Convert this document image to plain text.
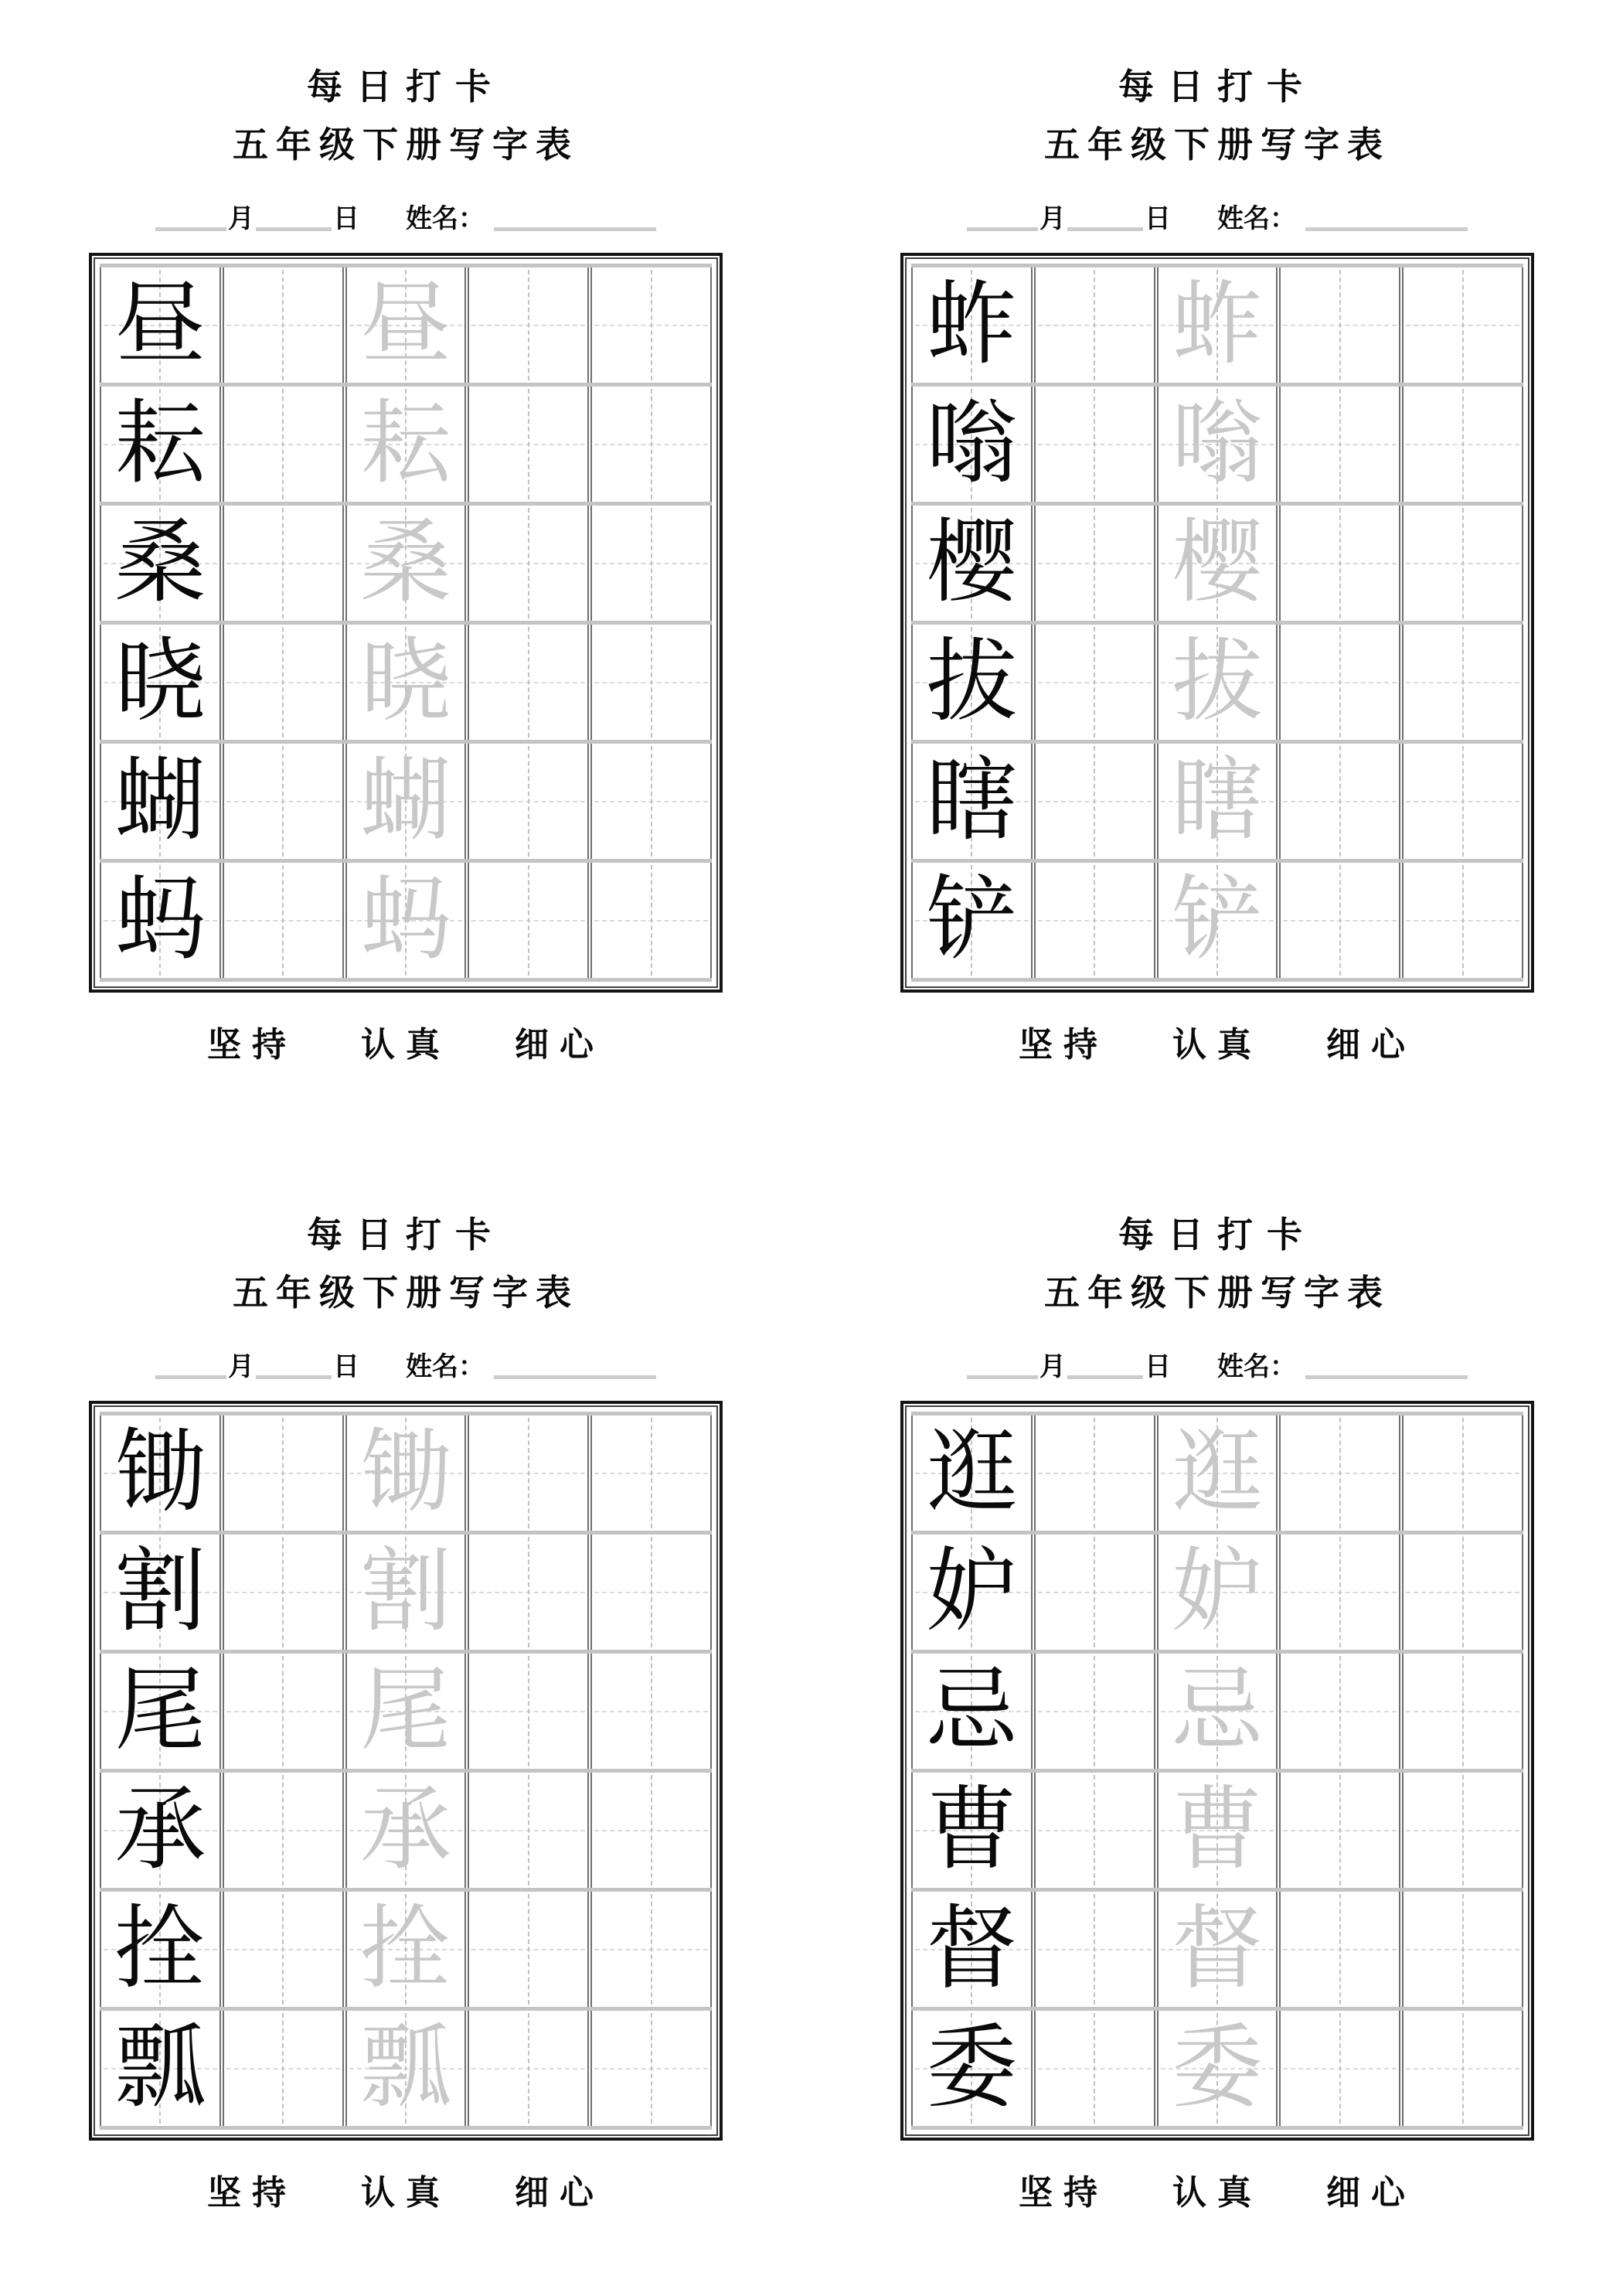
每日打卡
五年级下册写字表
月	日 姓名：
昼 昼
耘 耘
桑 桑
晓 晓
蝴 蝴
蚂 蚂
坚持 认真 细心
每日打卡
五年级下册写字表
月	日 姓名：
蚱 蚱
嗡 嗡
樱 樱
拔 拔
瞎 瞎
铲 铲
坚持 认真 细心
每日打卡
五年级下册写字表
月	日 姓名：
锄 锄
割 割
尾 尾
承 承
拴 拴
瓢 瓢
坚持 认真 细心
每日打卡
五年级下册写字表
月	日 姓名：
逛 逛
妒 妒
忌 忌
曹 曹
督 督
委 委
坚持 认真 细心
